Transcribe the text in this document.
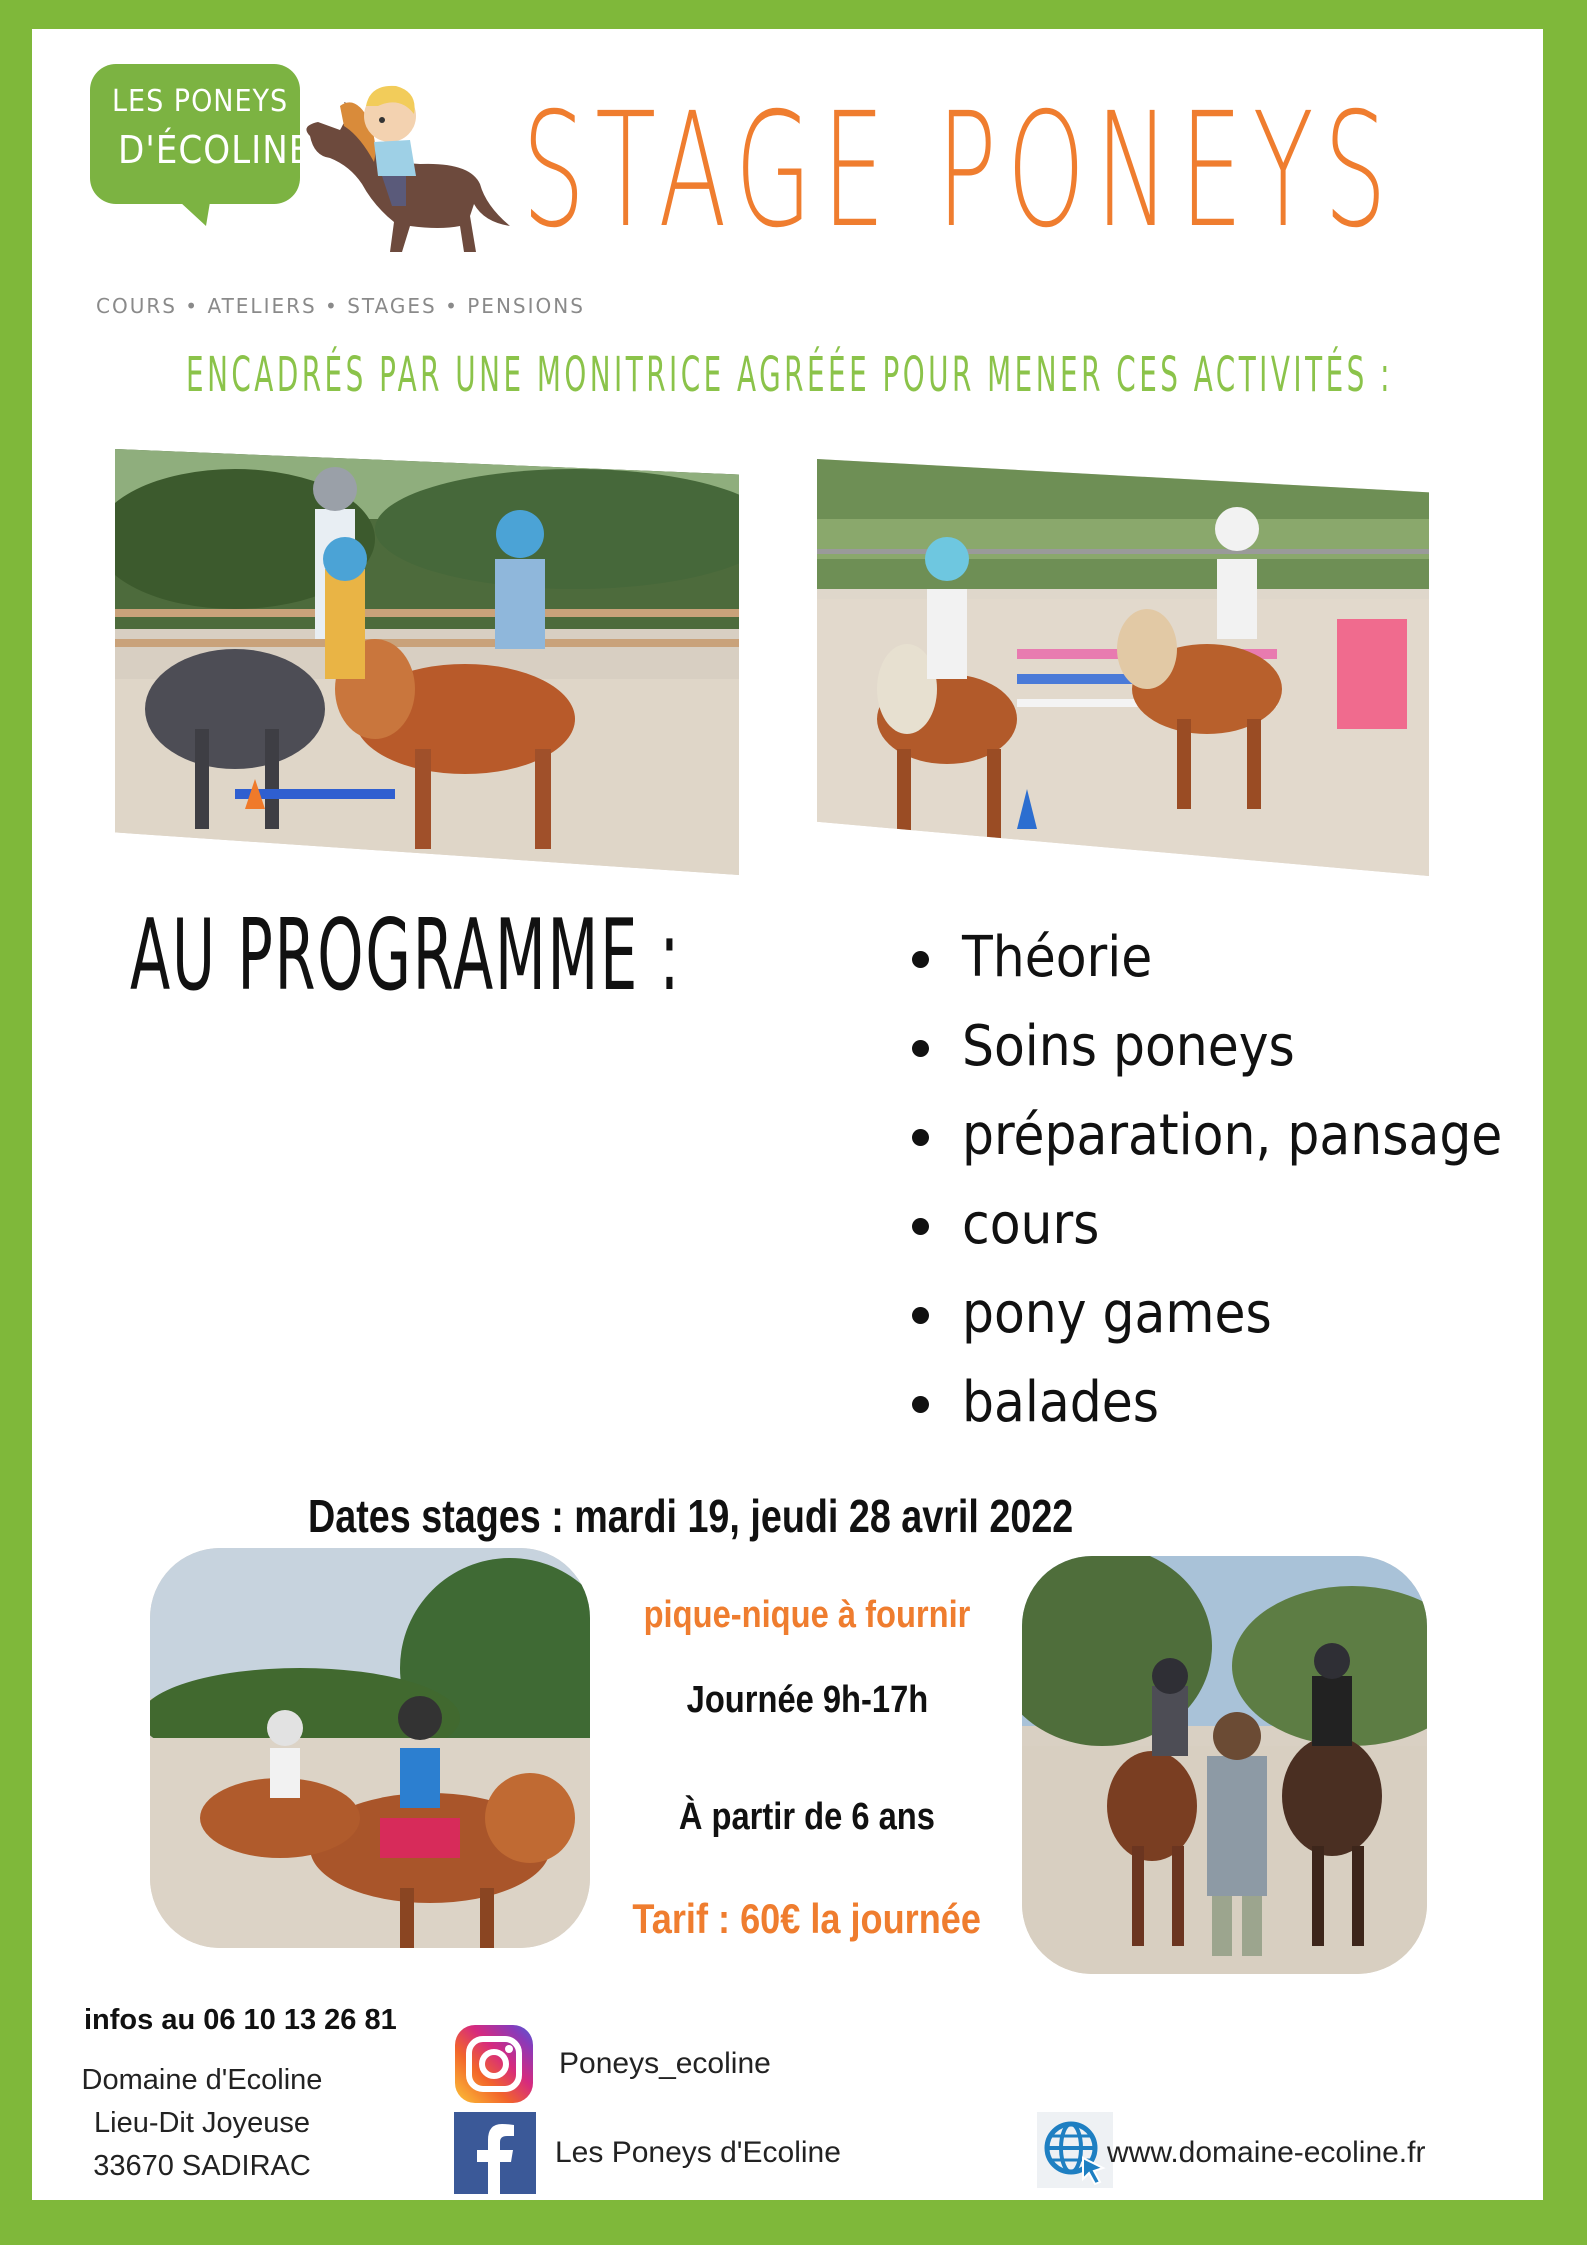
LES PONEYS
D'ÉCOLINE
COURS • ATELIERS • STAGES • PENSIONS
STAGE PONEYS
ENCADRÉS PAR UNE MONITRICE AGRÉÉE POUR MENER CES ACTIVITÉS :
AU PROGRAMME :	Théorie
Soins poneys
préparation, pansage
cours
pony games
balades
Dates stages : mardi 19, jeudi 28 avril 2022
pique-nique à fournir
Journée 9h-17h
À partir de 6 ans
Tarif : 60€ la journée
infos au 06 10 13 26 81
Domaine d'Ecoline
Lieu-Dit Joyeuse
33670 SADIRAC
Poneys_ecoline
Les Poneys d'Ecoline	www.domaine-ecoline.fr
